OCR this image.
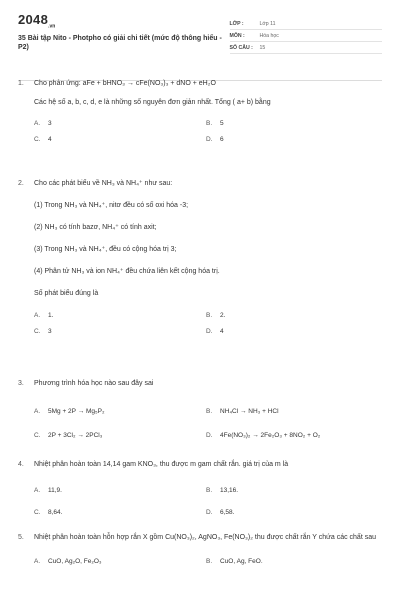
$2048_{.vn}$
35 Bài tập Nito - Photpho có giải chi tiết (mức độ thông hiểu - P2)
LỚP :	Lớp 11
MÔN :	Hóa học
SỐ CÂU :	15
1.	Cho phản ứng: aFe + bHNO₃ → cFe(NO₃)₃ + dNO + eH₂O
Các hệ số a, b, c, d, e là những số nguyên đơn giản nhất. Tổng ( a+ b) bằng
A.	3	B.	5
C.	4	D.	6
2.	Cho các phát biểu về NH₃ và NH₄⁺ như sau:
(1) Trong NH₃ và NH₄⁺, nitơ đều có số oxi hóa -3;
(2) NH₃ có tính bazơ, NH₄⁺ có tính axit;
(3) Trong NH₃ và NH₄⁺, đều có cộng hóa trị 3;
(4) Phân tử NH₃ và ion NH₄⁺ đều chứa liên kết cộng hóa trị.
Số phát biểu đúng là
A.	1.	B.	2.
C.	3	D.	4
3.	Phương trình hóa học nào sau đây sai
A.	5Mg + 2P → Mg₅P₂	B.	NH₄Cl → NH₃ + HCl
C.	2P + 3Cl₂ → 2PCl₃	D.	4Fe(NO₃)₂ → 2Fe₂O₃ + 8NO₂ + O₂
4.	Nhiệt phân hoàn toàn 14,14 gam KNO₃, thu được m gam chất rắn. giá trị của m là
A.	11,9.	B.	13,16.
C.	8,64.	D.	6,58.
5.	Nhiệt phân hoàn toàn hỗn hợp rắn X gồm Cu(NO₃)₂, AgNO₃, Fe(NO₃)₂ thu được chất rắn Y chứa các chất sau
A.	CuO, Ag₂O, Fe₂O₃	B.	CuO, Ag, FeO.
